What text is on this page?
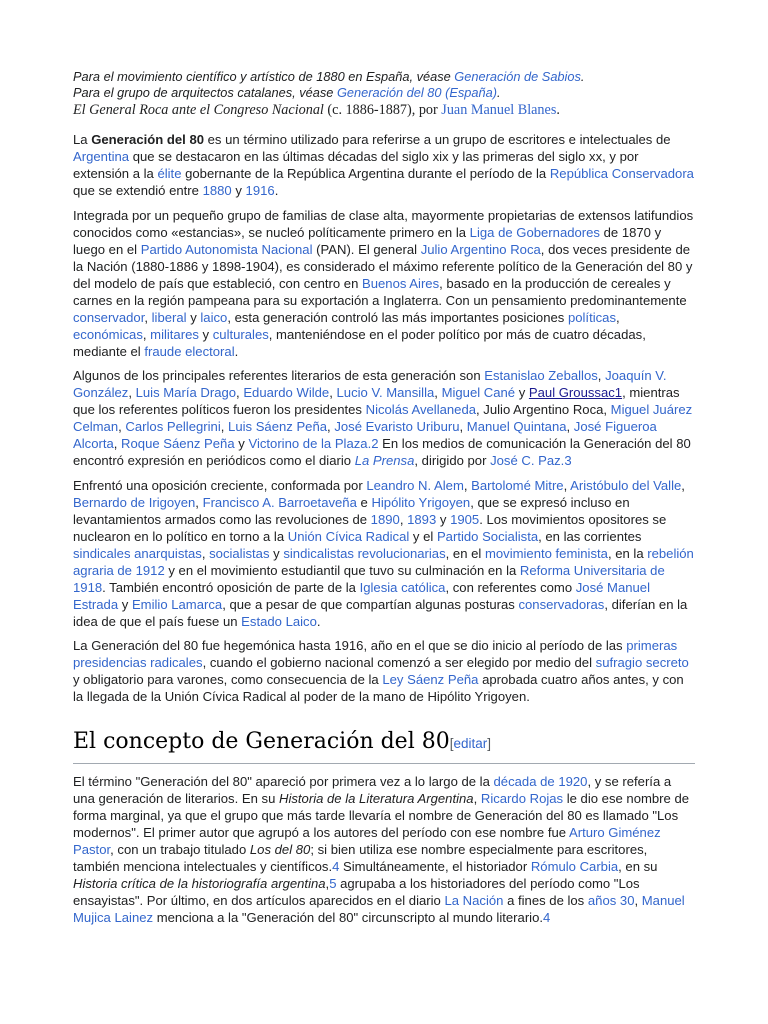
Para el movimiento científico y artístico de 1880 en España, véase Generación de Sabios.

Para el grupo de arquitectos catalanes, véase Generación del 80 (España).

El General Roca ante el Congreso Nacional (c. 1886-1887), por Juan Manuel Blanes.

La Generación del 80 es un término utilizado para referirse a un grupo de escritores e intelectuales de Argentina que se destacaron en las últimas décadas del siglo xix y las primeras del siglo xx, y por extensión a la élite gobernante de la República Argentina durante el período de la República Conservadora que se extendió entre 1880 y 1916.

Integrada por un pequeño grupo de familias de clase alta, mayormente propietarias de extensos latifundios conocidos como «estancias», se nucleó políticamente primero en la Liga de Gobernadores de 1870 y luego en el Partido Autonomista Nacional (PAN). El general Julio Argentino Roca, dos veces presidente de la Nación (1880-1886 y 1898-1904), es considerado el máximo referente político de la Generación del 80 y del modelo de país que estableció, con centro en Buenos Aires, basado en la producción de cereales y carnes en la región pampeana para su exportación a Inglaterra. Con un pensamiento predominantemente conservador, liberal y laico, esta generación controló las más importantes posiciones políticas, económicas, militares y culturales, manteniéndose en el poder político por más de cuatro décadas, mediante el fraude electoral.

Algunos de los principales referentes literarios de esta generación son Estanislao Zeballos, Joaquín V. González, Luis María Drago, Eduardo Wilde, Lucio V. Mansilla, Miguel Cané y Paul Groussac1, mientras que los referentes políticos fueron los presidentes Nicolás Avellaneda, Julio Argentino Roca, Miguel Juárez Celman, Carlos Pellegrini, Luis Sáenz Peña, José Evaristo Uriburu, Manuel Quintana, José Figueroa Alcorta, Roque Sáenz Peña y Victorino de la Plaza.2 En los medios de comunicación la Generación del 80 encontró expresión en periódicos como el diario La Prensa, dirigido por José C. Paz.3

Enfrentó una oposición creciente, conformada por Leandro N. Alem, Bartolomé Mitre, Aristóbulo del Valle, Bernardo de Irigoyen, Francisco A. Barroetaveña e Hipólito Yrigoyen, que se expresó incluso en levantamientos armados como las revoluciones de 1890, 1893 y 1905. Los movimientos opositores se nuclearon en lo político en torno a la Unión Cívica Radical y el Partido Socialista, en las corrientes sindicales anarquistas, socialistas y sindicalistas revolucionarias, en el movimiento feminista, en la rebelión agraria de 1912 y en el movimiento estudiantil que tuvo su culminación en la Reforma Universitaria de 1918. También encontró oposición de parte de la Iglesia católica, con referentes como José Manuel Estrada y Emilio Lamarca, que a pesar de que compartían algunas posturas conservadoras, diferían en la idea de que el país fuese un Estado Laico.

La Generación del 80 fue hegemónica hasta 1916, año en el que se dio inicio al período de las primeras presidencias radicales, cuando el gobierno nacional comenzó a ser elegido por medio del sufragio secreto y obligatorio para varones, como consecuencia de la Ley Sáenz Peña aprobada cuatro años antes, y con la llegada de la Unión Cívica Radical al poder de la mano de Hipólito Yrigoyen.

El concepto de Generación del 80[editar]

El término "Generación del 80" apareció por primera vez a lo largo de la década de 1920, y se refería a una generación de literarios. En su Historia de la Literatura Argentina, Ricardo Rojas le dio ese nombre de forma marginal, ya que el grupo que más tarde llevaría el nombre de Generación del 80 es llamado "Los modernos". El primer autor que agrupó a los autores del período con ese nombre fue Arturo Giménez Pastor, con un trabajo titulado Los del 80; si bien utiliza ese nombre especialmente para escritores, también menciona intelectuales y científicos.4 Simultáneamente, el historiador Rómulo Carbia, en su Historia crítica de la historiografía argentina,5 agrupaba a los historiadores del período como "Los ensayistas". Por último, en dos artículos aparecidos en el diario La Nación a fines de los años 30, Manuel Mujica Lainez menciona a la "Generación del 80" circunscripto al mundo literario.4
